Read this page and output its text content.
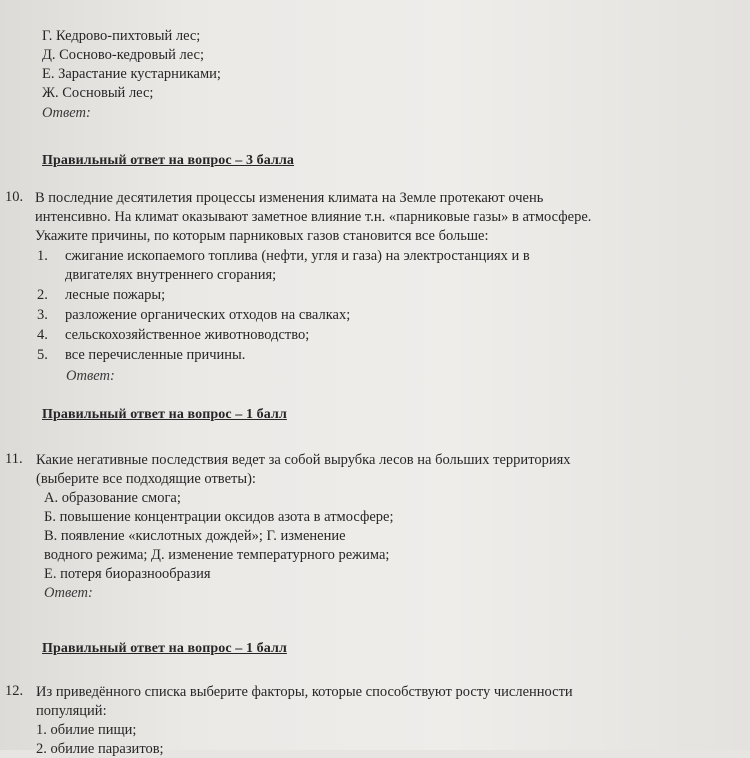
Г. Кедрово-пихтовый лес;
Д. Сосново-кедровый лес;
Е. Зарастание кустарниками;
Ж. Сосновый лес;
Ответ:
Правильный ответ на вопрос – 3 балла
10. В последние десятилетия процессы изменения климата на Земле протекают очень
интенсивно. На климат оказывают заметное влияние т.н. «парниковые газы» в атмосфере.
Укажите причины, по которым парниковых газов становится все больше:
1. сжигание ископаемого топлива (нефти, угля и газа) на электростанциях и в
двигателях внутреннего сгорания;
2. лесные пожары;
3. разложение органических отходов на свалках;
4. сельскохозяйственное животноводство;
5. все перечисленные причины.
Ответ:
Правильный ответ на вопрос – 1 балл
11. Какие негативные последствия ведет за собой вырубка лесов на больших территориях
(выберите все подходящие ответы):
А. образование смога;
Б. повышение концентрации оксидов азота в атмосфере;
В. появление «кислотных дождей»; Г. изменение
водного режима; Д. изменение температурного режима;
Е. потеря биоразнообразия
Ответ:
Правильный ответ на вопрос – 1 балл
12. Из приведённого списка выберите факторы, которые способствуют росту численности
популяций:
1. обилие пищи;
2. обилие паразитов;
